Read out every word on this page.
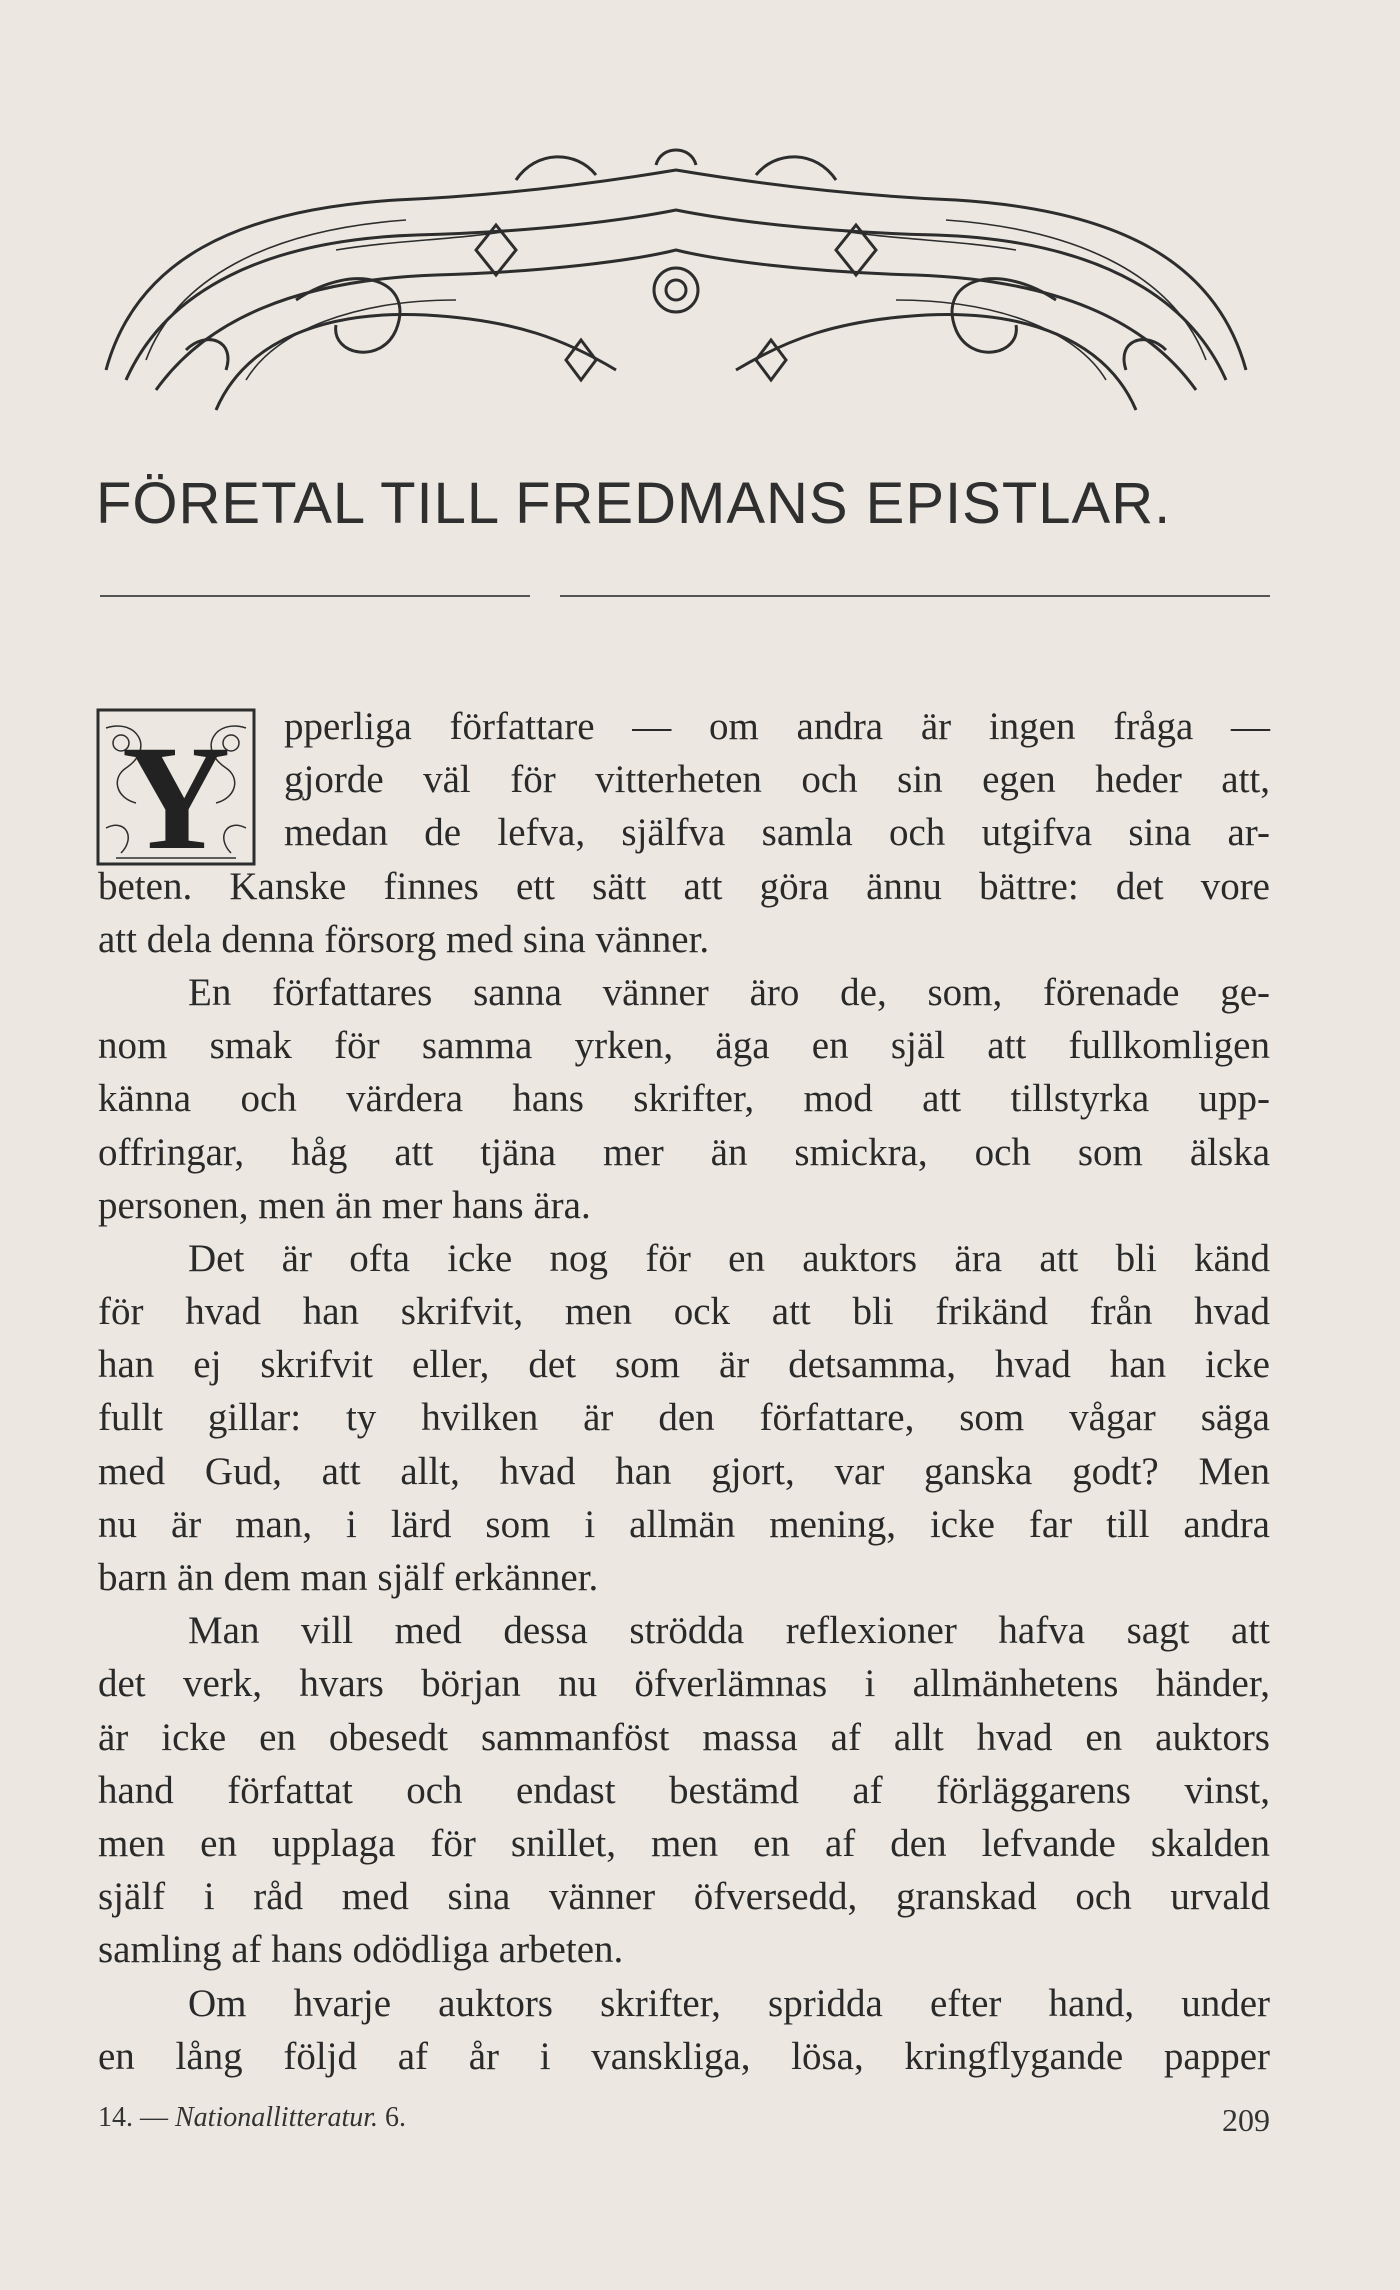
FÖRETAL TILL FREDMANS EPISTLAR.
Y	pperliga författare — om andra är ingen fråga —
gjorde väl för vitterheten och sin egen heder att,
medan de lefva, själfva samla och utgifva sina ar-
beten. Kanske finnes ett sätt att göra ännu bättre: det vore
att dela denna försorg med sina vänner.
En författares sanna vänner äro de, som, förenade ge-
nom smak för samma yrken, äga en själ att fullkomligen
känna och värdera hans skrifter, mod att tillstyrka upp-
offringar, håg att tjäna mer än smickra, och som älska
personen, men än mer hans ära.
Det är ofta icke nog för en auktors ära att bli känd
för hvad han skrifvit, men ock att bli frikänd från hvad
han ej skrifvit eller, det som är detsamma, hvad han icke
fullt gillar: ty hvilken är den författare, som vågar säga
med Gud, att allt, hvad han gjort, var ganska godt? Men
nu är man, i lärd som i allmän mening, icke far till andra
barn än dem man själf erkänner.
Man vill med dessa strödda reflexioner hafva sagt att
det verk, hvars början nu öfverlämnas i allmänhetens händer,
är icke en obesedt sammanföst massa af allt hvad en auktors
hand författat och endast bestämd af förläggarens vinst,
men en upplaga för snillet, men en af den lefvande skalden
själf i råd med sina vänner öfversedd, granskad och urvald
samling af hans odödliga arbeten.
Om hvarje auktors skrifter, spridda efter hand, under
en lång följd af år i vanskliga, lösa, kringflygande papper
14. — Nationallitteratur. 6.	209
